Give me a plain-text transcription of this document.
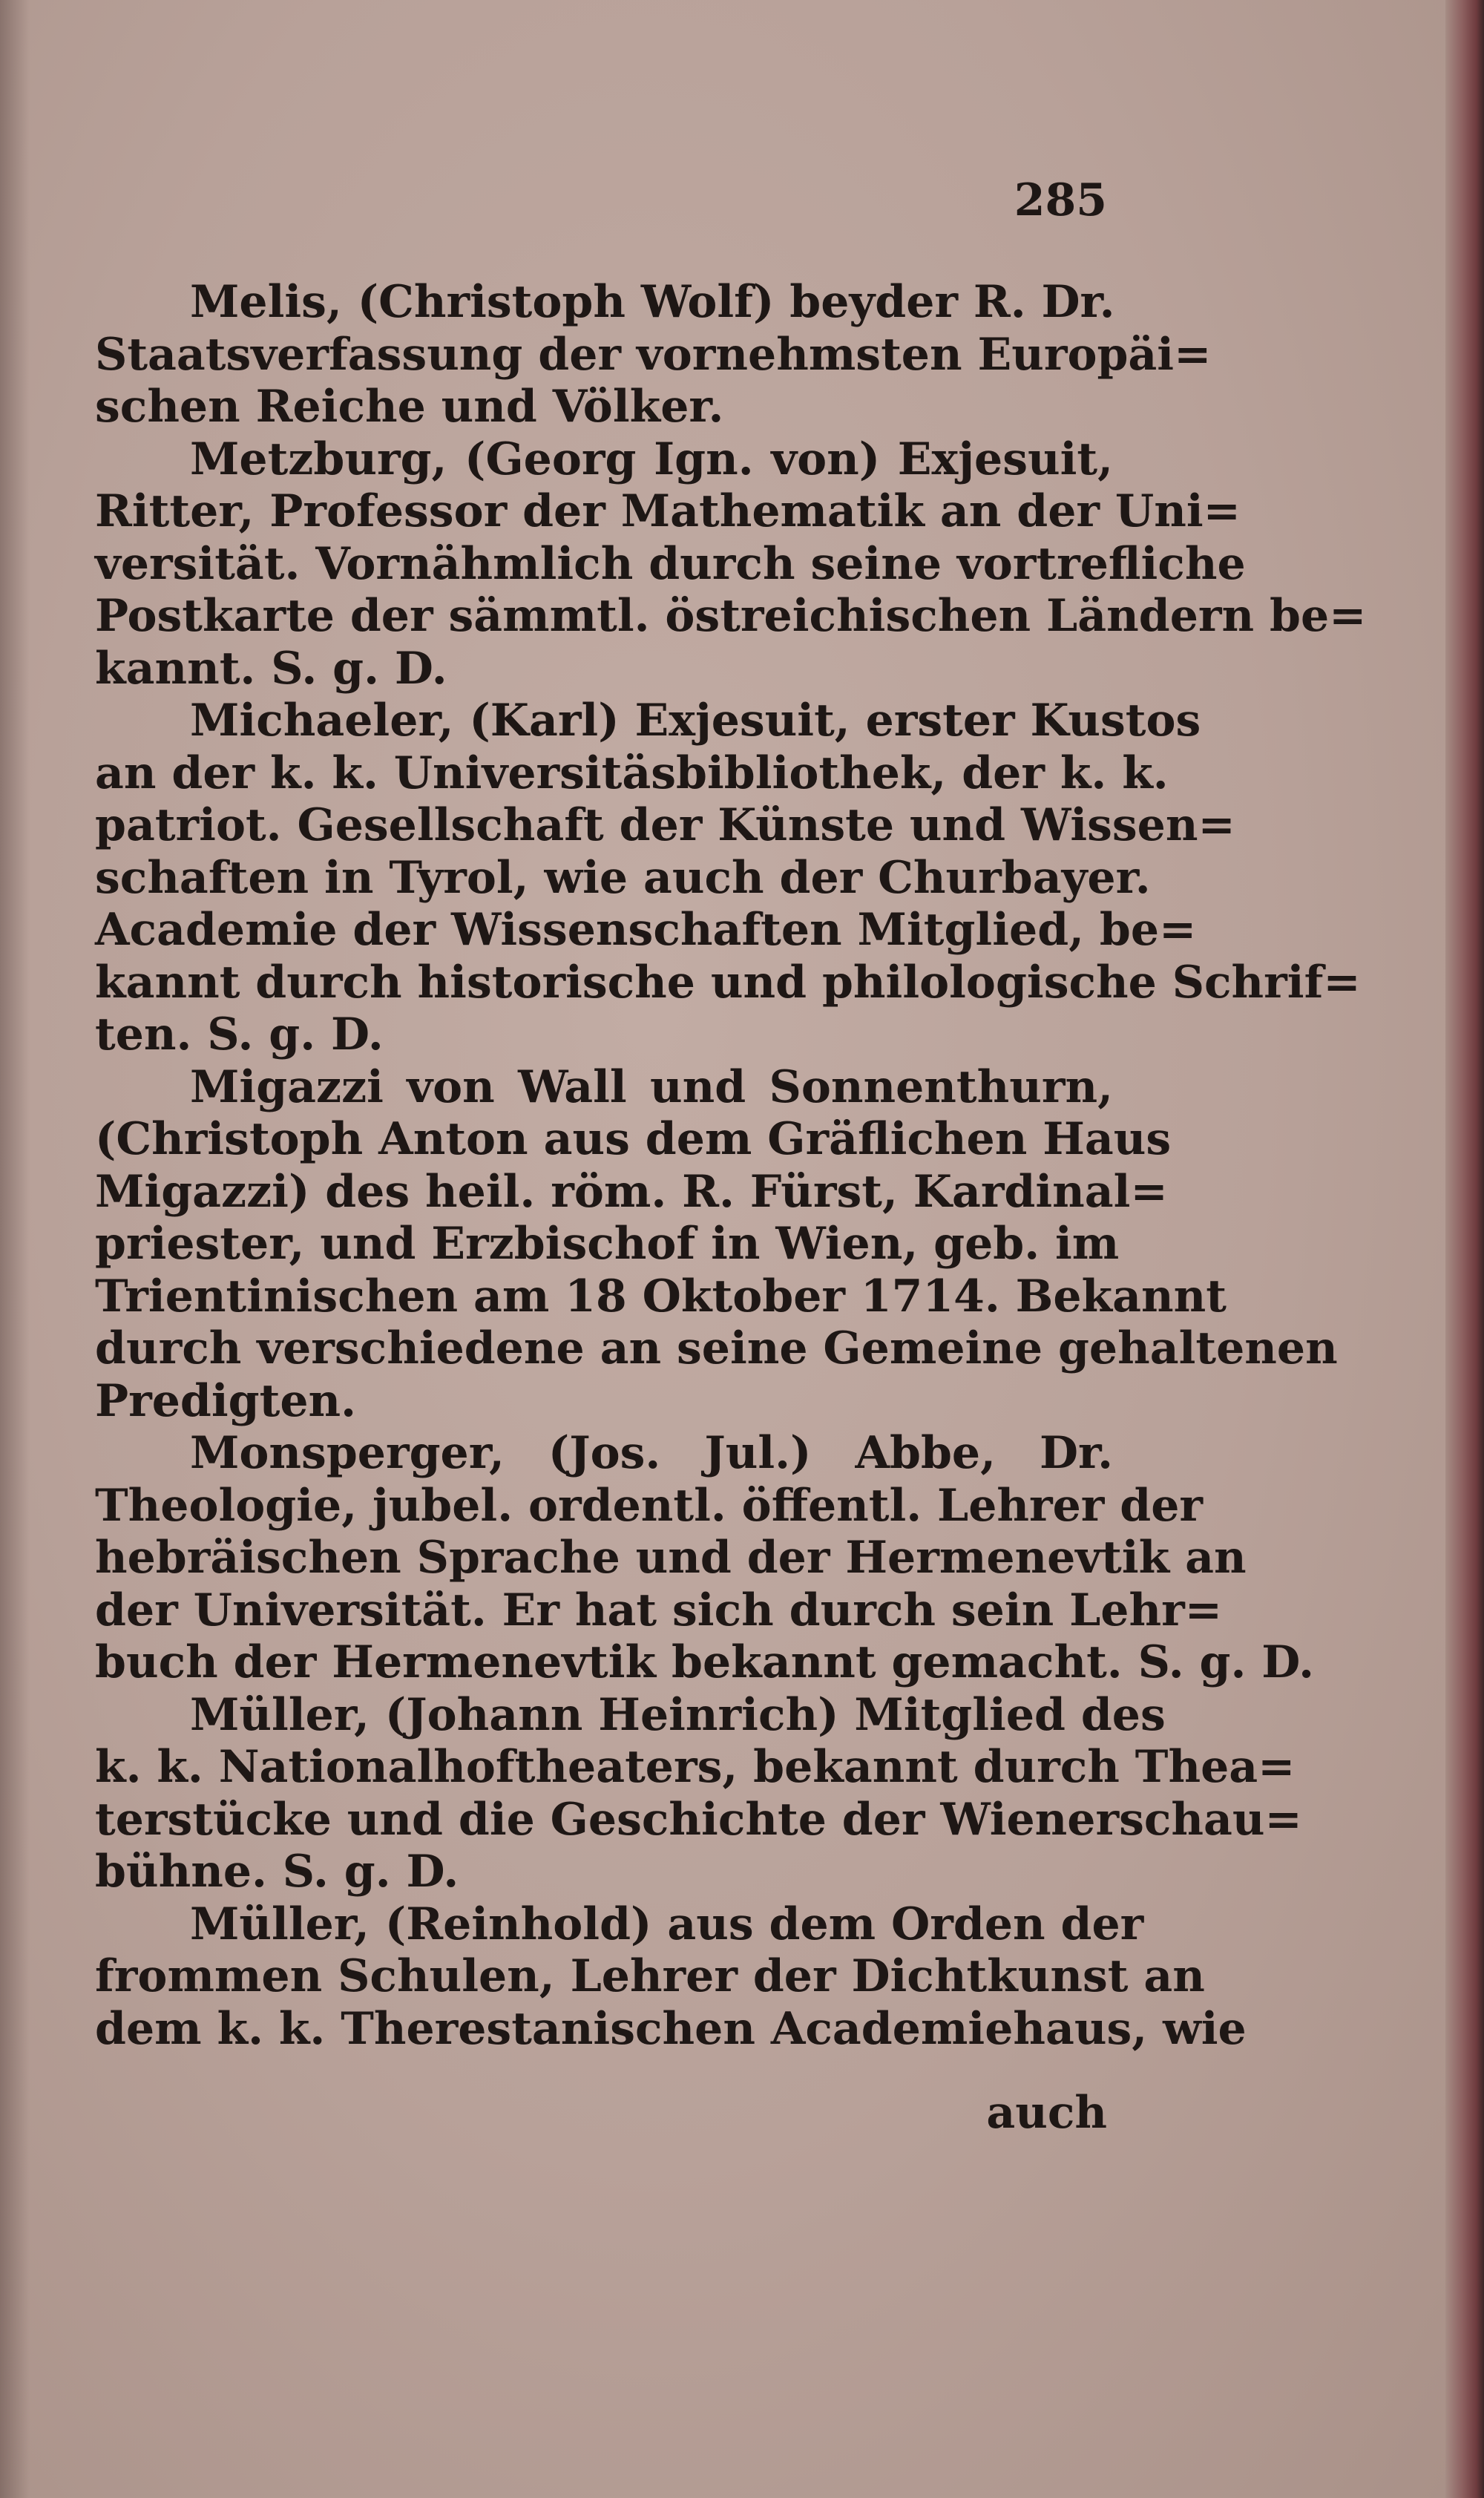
285
Melis, (Christoph Wolf) beyder R. Dr.
Staatsverfassung der vornehmsten Europäi=
schen Reiche und Völker.
Metzburg, (Georg Ign. von) Exjesuit,
Ritter, Professor der Mathematik an der Uni=
versität. Vornähmlich durch seine vortrefliche
Postkarte der sämmtl. östreichischen Ländern be=
kannt. S. g. D.
Michaeler, (Karl) Exjesuit, erster Kustos
an der k. k. Universitäsbibliothek, der k. k.
patriot. Gesellschaft der Künste und Wissen=
schaften in Tyrol, wie auch der Churbayer.
Academie der Wissenschaften Mitglied, be=
kannt durch historische und philologische Schrif=
ten. S. g. D.
Migazzi von Wall und Sonnenthurn,
(Christoph Anton aus dem Gräflichen Haus
Migazzi) des heil. röm. R. Fürst, Kardinal=
priester, und Erzbischof in Wien, geb. im
Trientinischen am 18 Oktober 1714. Bekannt
durch verschiedene an seine Gemeine gehaltenen
Predigten.
Monsperger, (Jos. Jul.) Abbe, Dr.
Theologie, jubel. ordentl. öffentl. Lehrer der
hebräischen Sprache und der Hermenevtik an
der Universität. Er hat sich durch sein Lehr=
buch der Hermenevtik bekannt gemacht. S. g. D.
Müller, (Johann Heinrich) Mitglied des
k. k. Nationalhoftheaters, bekannt durch Thea=
terstücke und die Geschichte der Wienerschau=
bühne. S. g. D.
Müller, (Reinhold) aus dem Orden der
frommen Schulen, Lehrer der Dichtkunst an
dem k. k. Therestanischen Academiehaus, wie
auch
